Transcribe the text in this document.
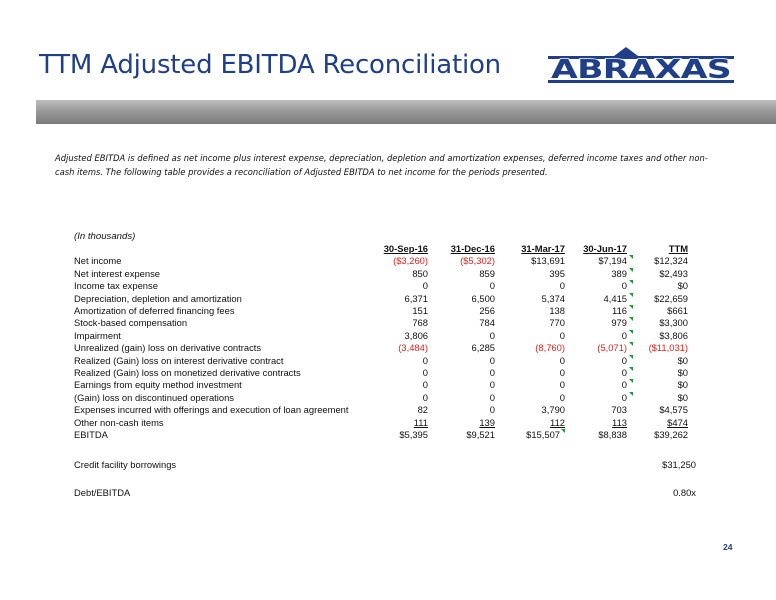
TTM Adjusted EBITDA Reconciliation ABRAXAS
Adjusted EBITDA is defined as net income plus interest expense, depreciation, depletion and amortization expenses, deferred income taxes and other non-cash items. The following table provides a reconciliation of Adjusted EBITDA to net income for the periods presented.
(In thousands)
	30-Sep-16	31-Dec-16	31-Mar-17	30-Jun-17	TTM
Net income	($3,260)	($5,302)	$13,691	$7,194	$12,324
Net interest expense	850	859	395	389	$2,493
Income tax expense	0	0	0	0	$0
Depreciation, depletion and amortization	6,371	6,500	5,374	4,415	$22,659
Amortization of deferred financing fees	151	256	138	116	$661
Stock-based compensation	768	784	770	979	$3,300
Impairment	3,806	0	0	0	$3,806
Unrealized (gain) loss on derivative contracts	(3,484)	6,285	(8,760)	(5,071)	($11,031)
Realized (Gain) loss on interest derivative contract	0	0	0	0	$0
Realized (Gain) loss on monetized derivative contracts	0	0	0	0	$0
Earnings from equity method investment	0	0	0	0	$0
(Gain) loss on discontinued operations	0	0	0	0	$0
Expenses incurred with offerings and execution of loan agreement	82	0	3,790	703	$4,575
Other non-cash items	111	139	112	113	$474
EBITDA	$5,395	$9,521	$15,507	$8,838	$39,262
Credit facility borrowings	$31,250
Debt/EBITDA	0.80x
24
